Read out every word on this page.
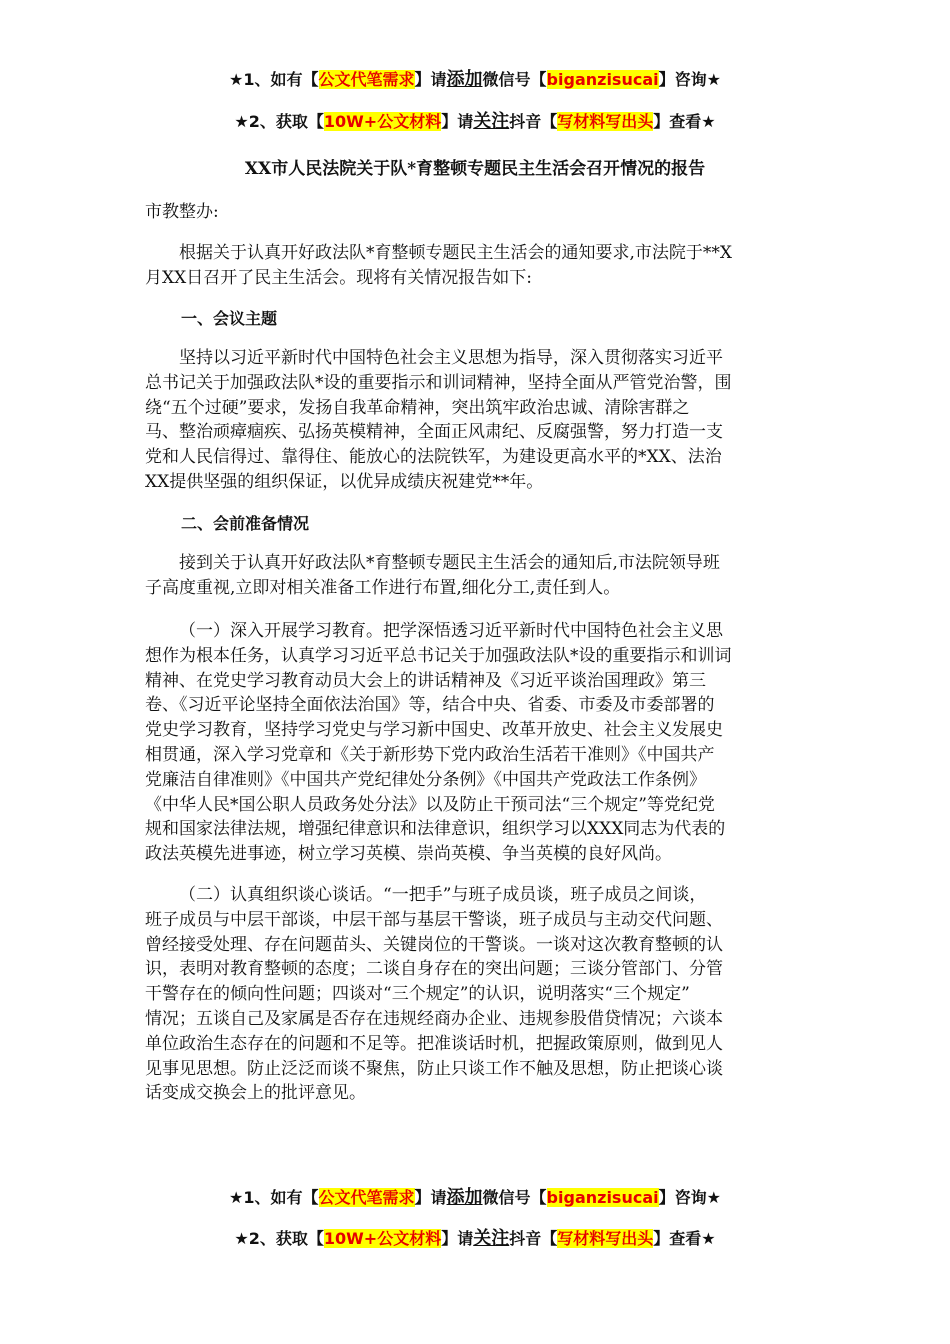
★1、如有【公文代笔需求】请添加微信号【biganzisucai】咨询★
★2、获取【10W+公文材料】请关注抖音【写材料写出头】查看★
XX市人民法院关于队*育整顿专题民主生活会召开情况的报告
市教整办:

根据关于认真开好政法队*育整顿专题民主生活会的通知要求,市法院于**X
月XX日召开了民主生活会。现将有关情况报告如下:

一、会议主题

坚持以习近平新时代中国特色社会主义思想为指导，深入贯彻落实习近平
总书记关于加强政法队*设的重要指示和训词精神，坚持全面从严管党治警，围
绕“五个过硬”要求，发扬自我革命精神，突出筑牢政治忠诚、清除害群之
马、整治顽瘴痼疾、弘扬英模精神，全面正风肃纪、反腐强警，努力打造一支
党和人民信得过、靠得住、能放心的法院铁军，为建设更高水平的*XX、法治
XX提供坚强的组织保证，以优异成绩庆祝建党**年。

二、会前准备情况

接到关于认真开好政法队*育整顿专题民主生活会的通知后,市法院领导班
子高度重视,立即对相关准备工作进行布置,细化分工,责任到人。

（一）深入开展学习教育。把学深悟透习近平新时代中国特色社会主义思
想作为根本任务，认真学习习近平总书记关于加强政法队*设的重要指示和训词
精神、在党史学习教育动员大会上的讲话精神及《习近平谈治国理政》第三
卷、《习近平论坚持全面依法治国》等，结合中央、省委、市委及市委部署的
党史学习教育，坚持学习党史与学习新中国史、改革开放史、社会主义发展史
相贯通，深入学习党章和《关于新形势下党内政治生活若干准则》《中国共产
党廉洁自律准则》《中国共产党纪律处分条例》《中国共产党政法工作条例》
《中华人民*国公职人员政务处分法》以及防止干预司法“三个规定”等党纪党
规和国家法律法规，增强纪律意识和法律意识，组织学习以XXX同志为代表的
政法英模先进事迹，树立学习英模、崇尚英模、争当英模的良好风尚。

（二）认真组织谈心谈话。“一把手”与班子成员谈，班子成员之间谈，
班子成员与中层干部谈，中层干部与基层干警谈，班子成员与主动交代问题、
曾经接受处理、存在问题苗头、关键岗位的干警谈。一谈对这次教育整顿的认
识，表明对教育整顿的态度；二谈自身存在的突出问题；三谈分管部门、分管
干警存在的倾向性问题；四谈对“三个规定”的认识，说明落实“三个规定”
情况；五谈自己及家属是否存在违规经商办企业、违规参股借贷情况；六谈本
单位政治生态存在的问题和不足等。把准谈话时机，把握政策原则，做到见人
见事见思想。防止泛泛而谈不聚焦，防止只谈工作不触及思想，防止把谈心谈
话变成交换会上的批评意见。

★1、如有【公文代笔需求】请添加微信号【biganzisucai】咨询★
★2、获取【10W+公文材料】请关注抖音【写材料写出头】查看★
